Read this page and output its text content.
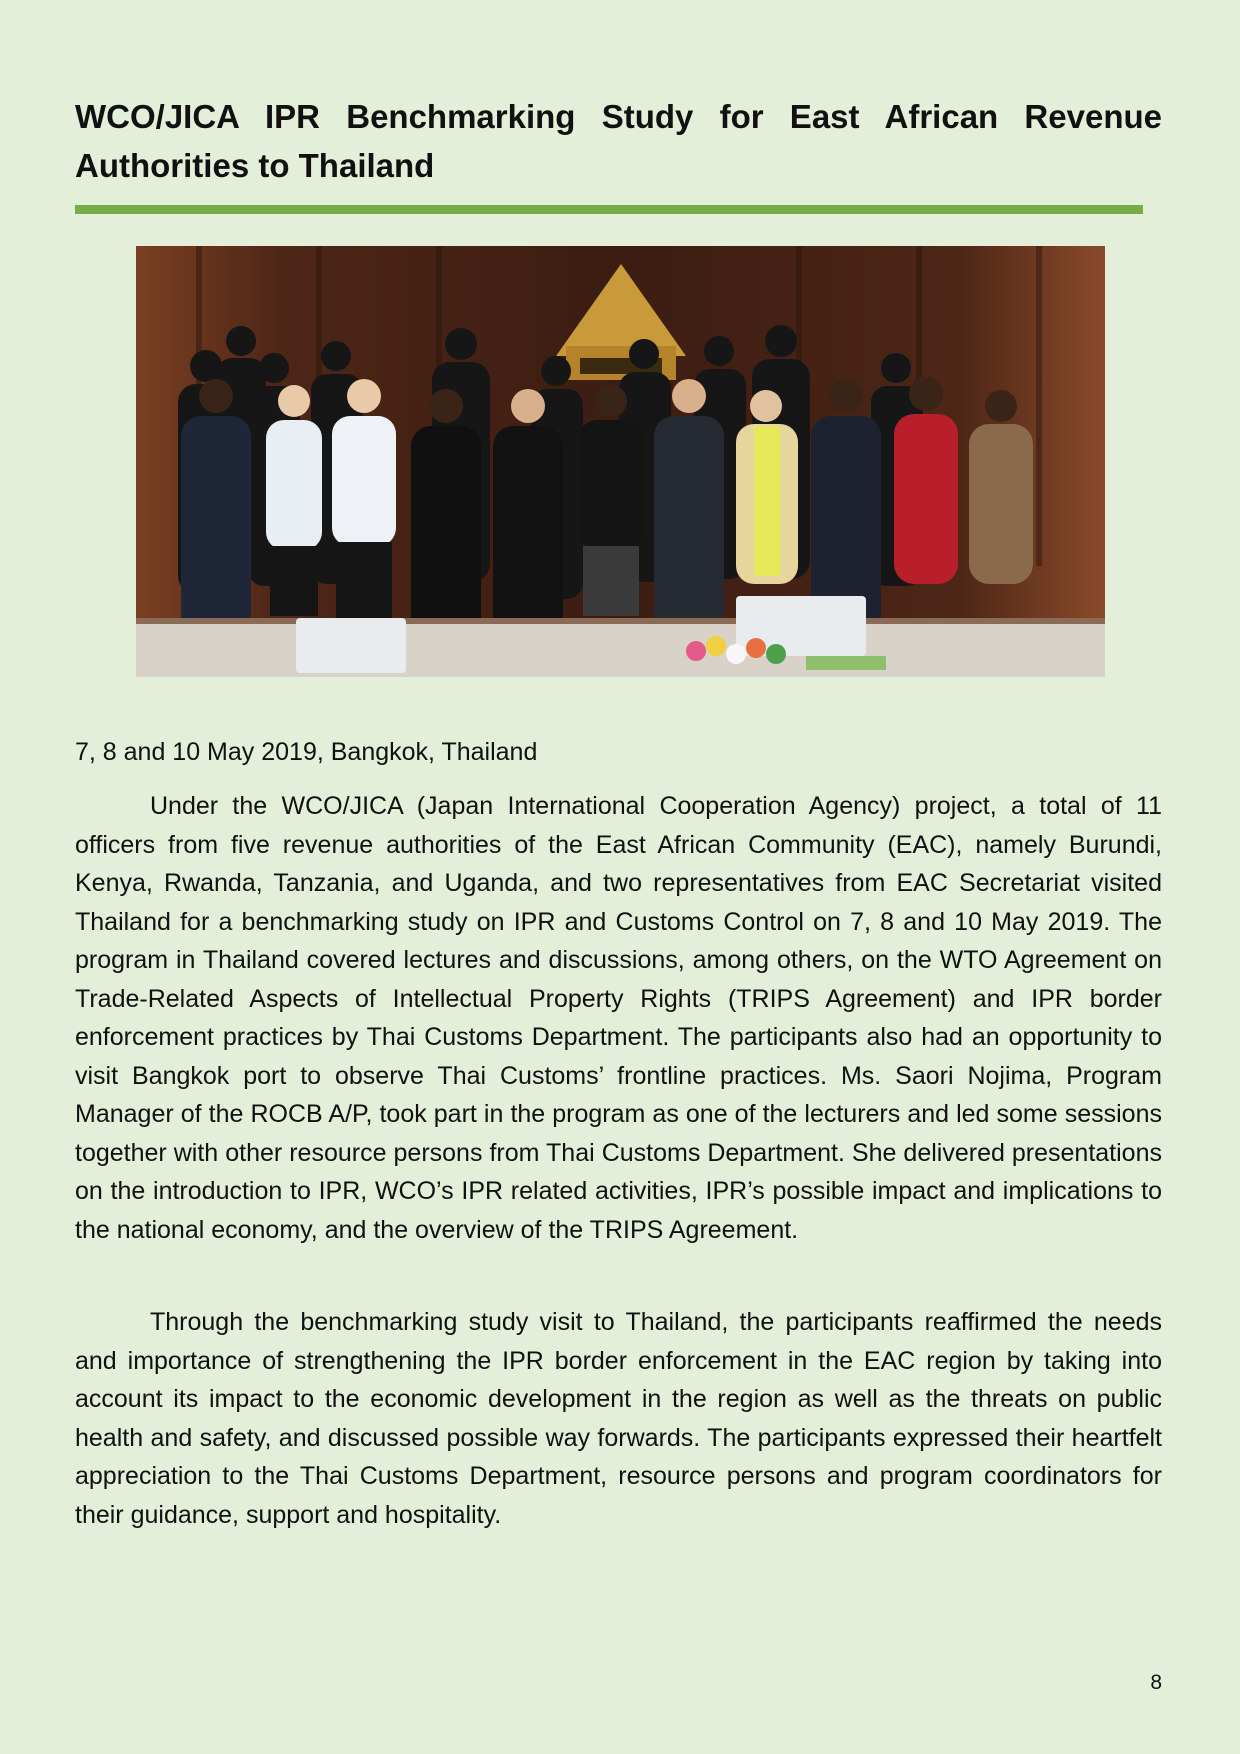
WCO/JICA IPR Benchmarking Study for East African Revenue Authorities to Thailand

7, 8 and 10 May 2019, Bangkok, Thailand

Under the WCO/JICA (Japan International Cooperation Agency) project, a total of 11 officers from five revenue authorities of the East African Community (EAC), namely Burundi, Kenya, Rwanda, Tanzania, and Uganda, and two representatives from EAC Secretariat visited Thailand for a benchmarking study on IPR and Customs Control on 7, 8 and 10 May 2019. The program in Thailand covered lectures and discussions, among others, on the WTO Agreement on Trade-Related Aspects of Intellectual Property Rights (TRIPS Agreement) and IPR border enforcement practices by Thai Customs Department. The participants also had an opportunity to visit Bangkok port to observe Thai Customs’ frontline practices. Ms. Saori Nojima, Program Manager of the ROCB A/P, took part in the program as one of the lecturers and led some sessions together with other resource persons from Thai Customs Department. She delivered presentations on the introduction to IPR, WCO’s IPR related activities, IPR’s possible impact and implications to the national economy, and the overview of the TRIPS Agreement.

Through the benchmarking study visit to Thailand, the participants reaffirmed the needs and importance of strengthening the IPR border enforcement in the EAC region by taking into account its impact to the economic development in the region as well as the threats on public health and safety, and discussed possible way forwards. The participants expressed their heartfelt appreciation to the Thai Customs Department, resource persons and program coordinators for their guidance, support and hospitality.

8
